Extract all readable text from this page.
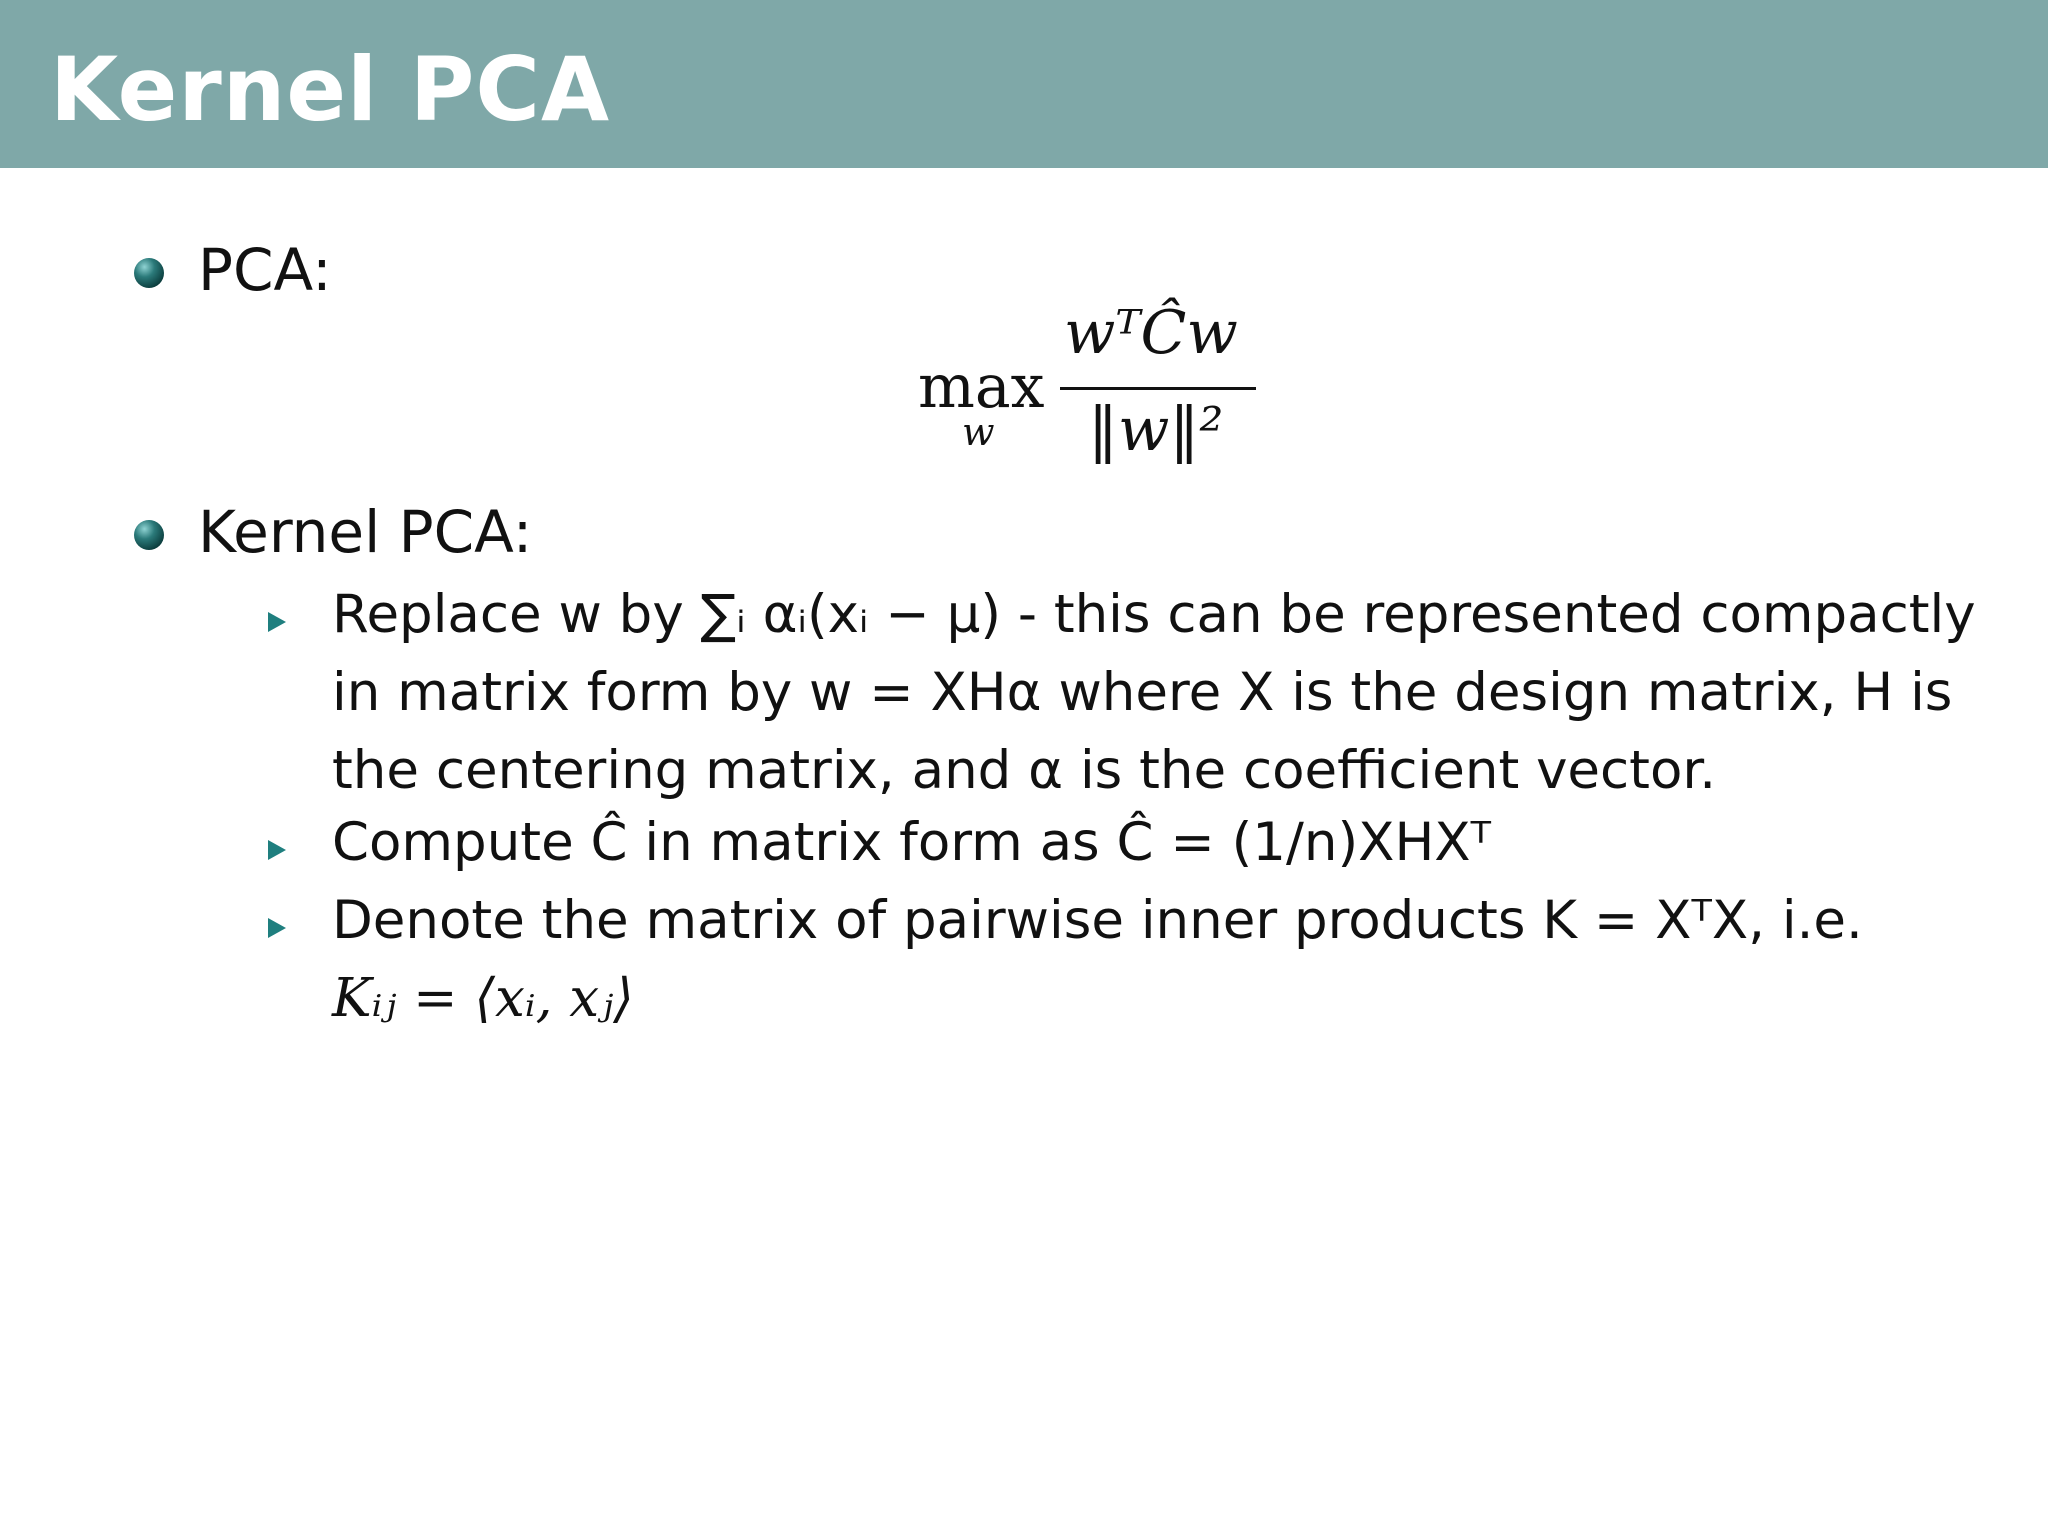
Kernel PCA
PCA:
max
w
wᵀĈw
‖w‖²
Kernel PCA:
Replace w by ∑ᵢ αᵢ(xᵢ − μ) - this can be represented compactly
in matrix form by w = XHα where X is the design matrix, H is
the centering matrix, and α is the coefficient vector.
Compute Ĉ in matrix form as Ĉ = (1/n)XHXᵀ
Denote the matrix of pairwise inner products K = XᵀX, i.e.
Kᵢⱼ = ⟨xᵢ, xⱼ⟩
